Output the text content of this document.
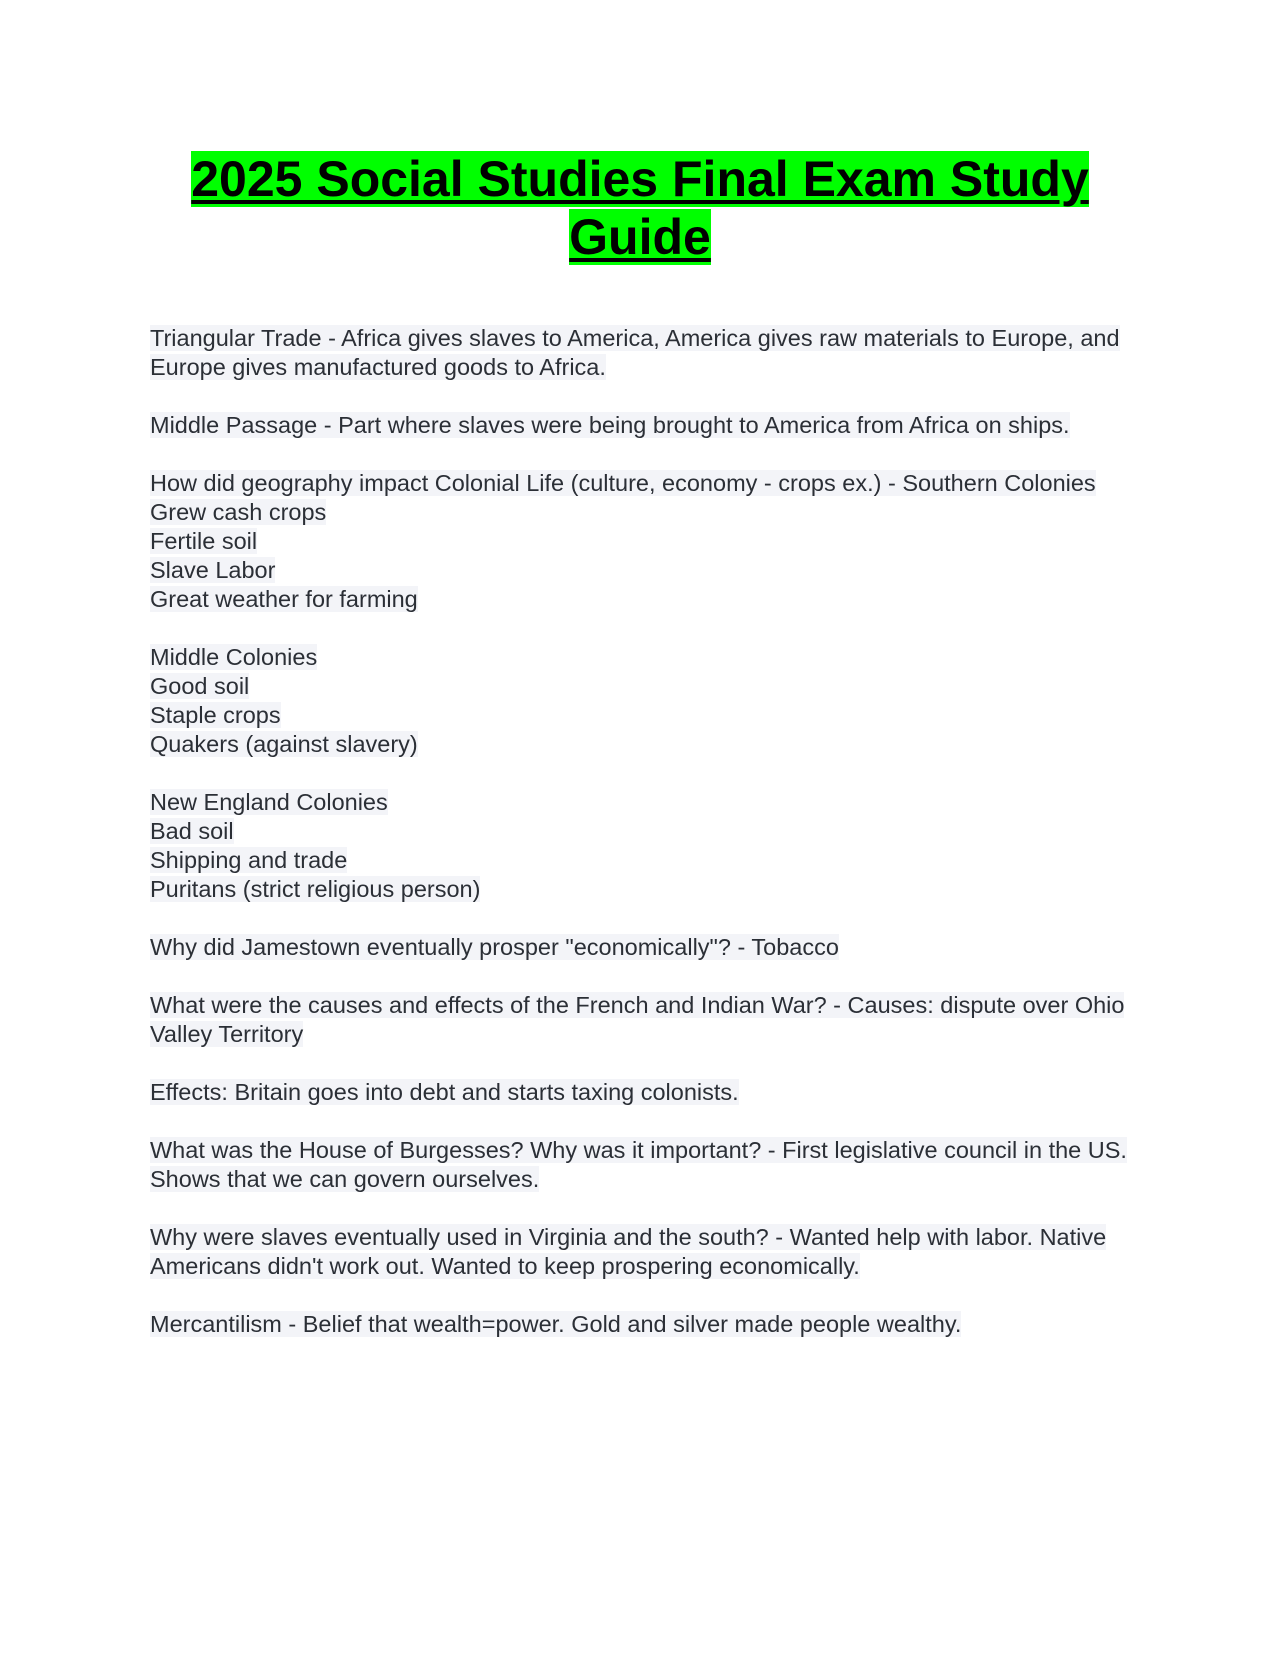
2025 Social Studies Final Exam Study Guide

Triangular Trade - Africa gives slaves to America, America gives raw materials to Europe, and Europe gives manufactured goods to Africa.

Middle Passage - Part where slaves were being brought to America from Africa on ships.

How did geography impact Colonial Life (culture, economy - crops ex.) - Southern Colonies
Grew cash crops
Fertile soil
Slave Labor
Great weather for farming

Middle Colonies
Good soil
Staple crops
Quakers (against slavery)

New England Colonies
Bad soil
Shipping and trade
Puritans (strict religious person)

Why did Jamestown eventually prosper "economically"? - Tobacco

What were the causes and effects of the French and Indian War? - Causes: dispute over Ohio Valley Territory

Effects: Britain goes into debt and starts taxing colonists.

What was the House of Burgesses? Why was it important? - First legislative council in the US. Shows that we can govern ourselves.

Why were slaves eventually used in Virginia and the south? - Wanted help with labor. Native Americans didn't work out. Wanted to keep prospering economically.

Mercantilism - Belief that wealth=power. Gold and silver made people wealthy.
